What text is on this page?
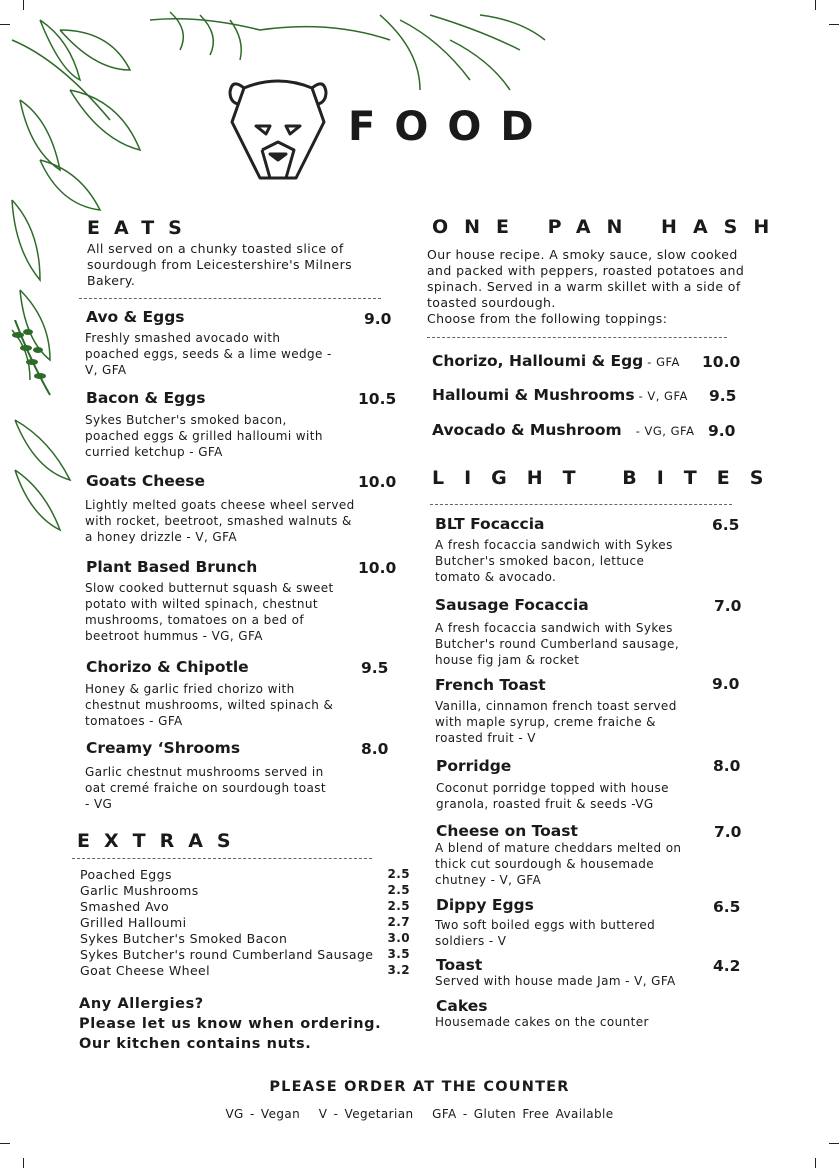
FOOD
EATS
All served on a chunky toasted slice of
sourdough from Leicestershire's Milners
Bakery.
Avo & Eggs	9.0
Freshly smashed avocado with
poached eggs, seeds & a lime wedge -
V, GFA
Bacon & Eggs	10.5
Sykes Butcher's smoked bacon,
poached eggs & grilled halloumi with
curried ketchup - GFA
Goats Cheese	10.0
Lightly melted goats cheese wheel served
with rocket, beetroot, smashed walnuts &
a honey drizzle - V, GFA
Plant Based Brunch	10.0
Slow cooked butternut squash & sweet
potato with wilted spinach, chestnut
mushrooms, tomatoes on a bed of
beetroot hummus - VG, GFA
Chorizo & Chipotle	9.5
Honey & garlic fried chorizo with
chestnut mushrooms, wilted spinach &
tomatoes - GFA
Creamy ‘Shrooms	8.0
Garlic chestnut mushrooms served in
oat cremé fraiche on sourdough toast
- VG
EXTRAS
Poached Eggs	2.5
Garlic Mushrooms	2.5
Smashed Avo	2.5
Grilled Halloumi	2.7
Sykes Butcher's Smoked Bacon	3.0
Sykes Butcher's round Cumberland Sausage 3.5
Goat Cheese Wheel	3.2
Any Allergies?
Please let us know when ordering.
Our kitchen contains nuts.
ONE PAN HASH
Our house recipe. A smoky sauce, slow cooked
and packed with peppers, roasted potatoes and
spinach. Served in a warm skillet with a side of
toasted sourdough.
Choose from the following toppings:
Chorizo, Halloumi & Egg - GFA 10.0
Halloumi & Mushrooms - V, GFA 9.5
Avocado & Mushroom - VG, GFA 9.0
LIGHT BITES
BLT Focaccia	6.5
A fresh focaccia sandwich with Sykes
Butcher's smoked bacon, lettuce
tomato & avocado.
Sausage Focaccia	7.0
A fresh focaccia sandwich with Sykes
Butcher's round Cumberland sausage,
house fig jam & rocket
French Toast	9.0
Vanilla, cinnamon french toast served
with maple syrup, creme fraiche &
roasted fruit - V
Porridge	8.0
Coconut porridge topped with house
granola, roasted fruit & seeds -VG
Cheese on Toast	7.0
A blend of mature cheddars melted on
thick cut sourdough & housemade
chutney - V, GFA
Dippy Eggs	6.5
Two soft boiled eggs with buttered
soldiers - V
Toast	4.2
Served with house made Jam - V, GFA
Cakes
Housemade cakes on the counter
PLEASE ORDER AT THE COUNTER
VG - Vegan   V - Vegetarian   GFA - Gluten Free Available
